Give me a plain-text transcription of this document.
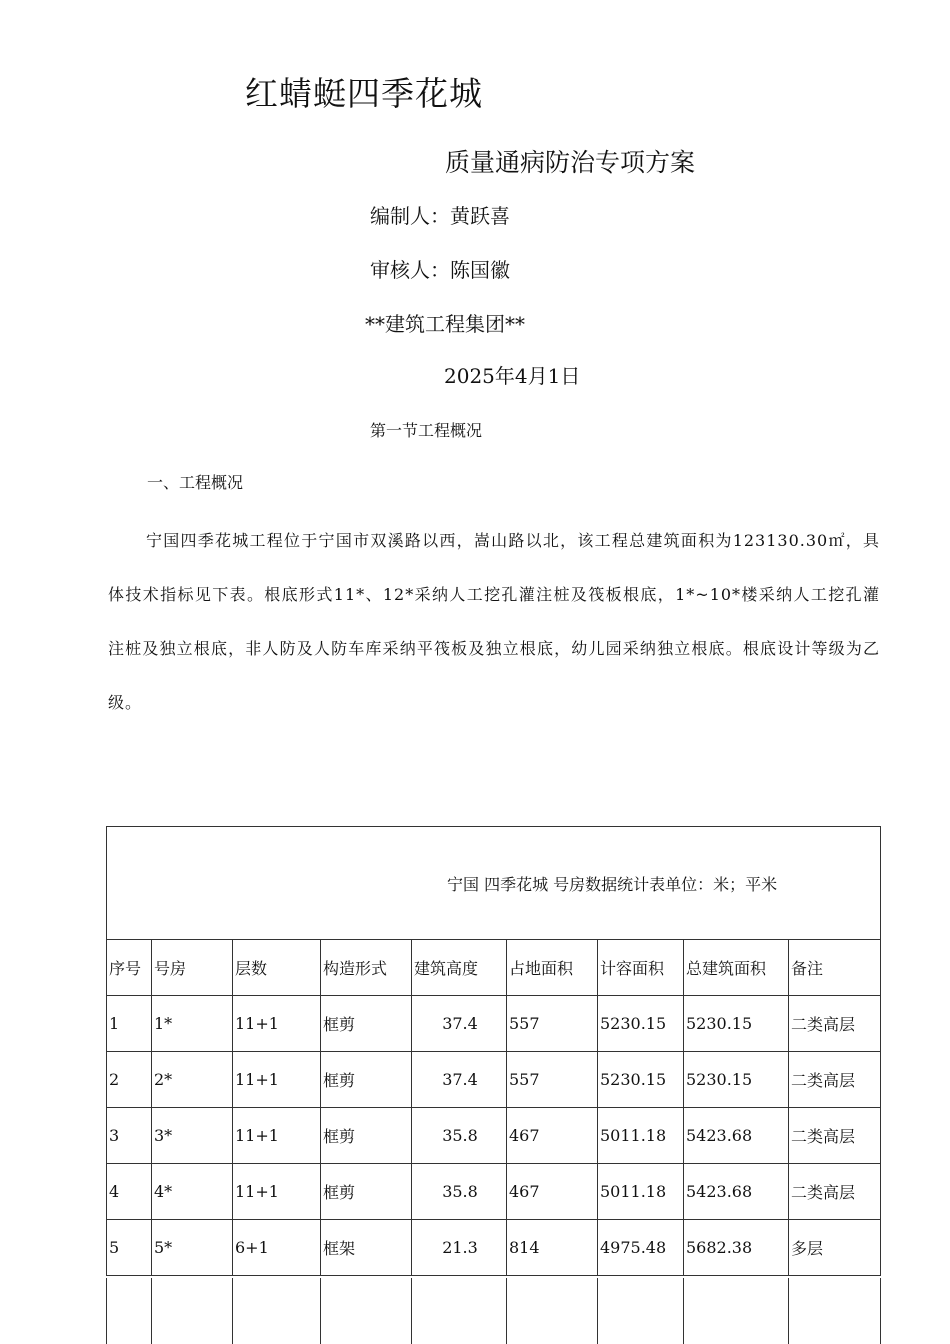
红蜻蜓四季花城
质量通病防治专项方案
编制人：黄跃喜
审核人：陈国徽
**建筑工程集团**
2025年4月1日
第一节工程概况
一、工程概况

宁国四季花城工程位于宁国市双溪路以西，嵩山路以北，该工程总建筑面积为123130.30㎡，具体技术指标见下表。根底形式11*、12*采纳人工挖孔灌注桩及筏板根底，1*~10*楼采纳人工挖孔灌注桩及独立根底，非人防及人防车库采纳平筏板及独立根底，幼儿园采纳独立根底。根底设计等级为乙级。

宁国 四季花城 号房数据统计表单位：米；平米								
序号	号房	层数	构造形式	建筑高度	占地面积	计容面积	总建筑面积	备注
1	1*	11+1	框剪	37.4	557	5230.15	5230.15	二类高层
2	2*	11+1	框剪	37.4	557	5230.15	5230.15	二类高层
3	3*	11+1	框剪	35.8	467	5011.18	5423.68	二类高层
4	4*	11+1	框剪	35.8	467	5011.18	5423.68	二类高层
5	5*	6+1	框架	21.3	814	4975.48	5682.38	多层
